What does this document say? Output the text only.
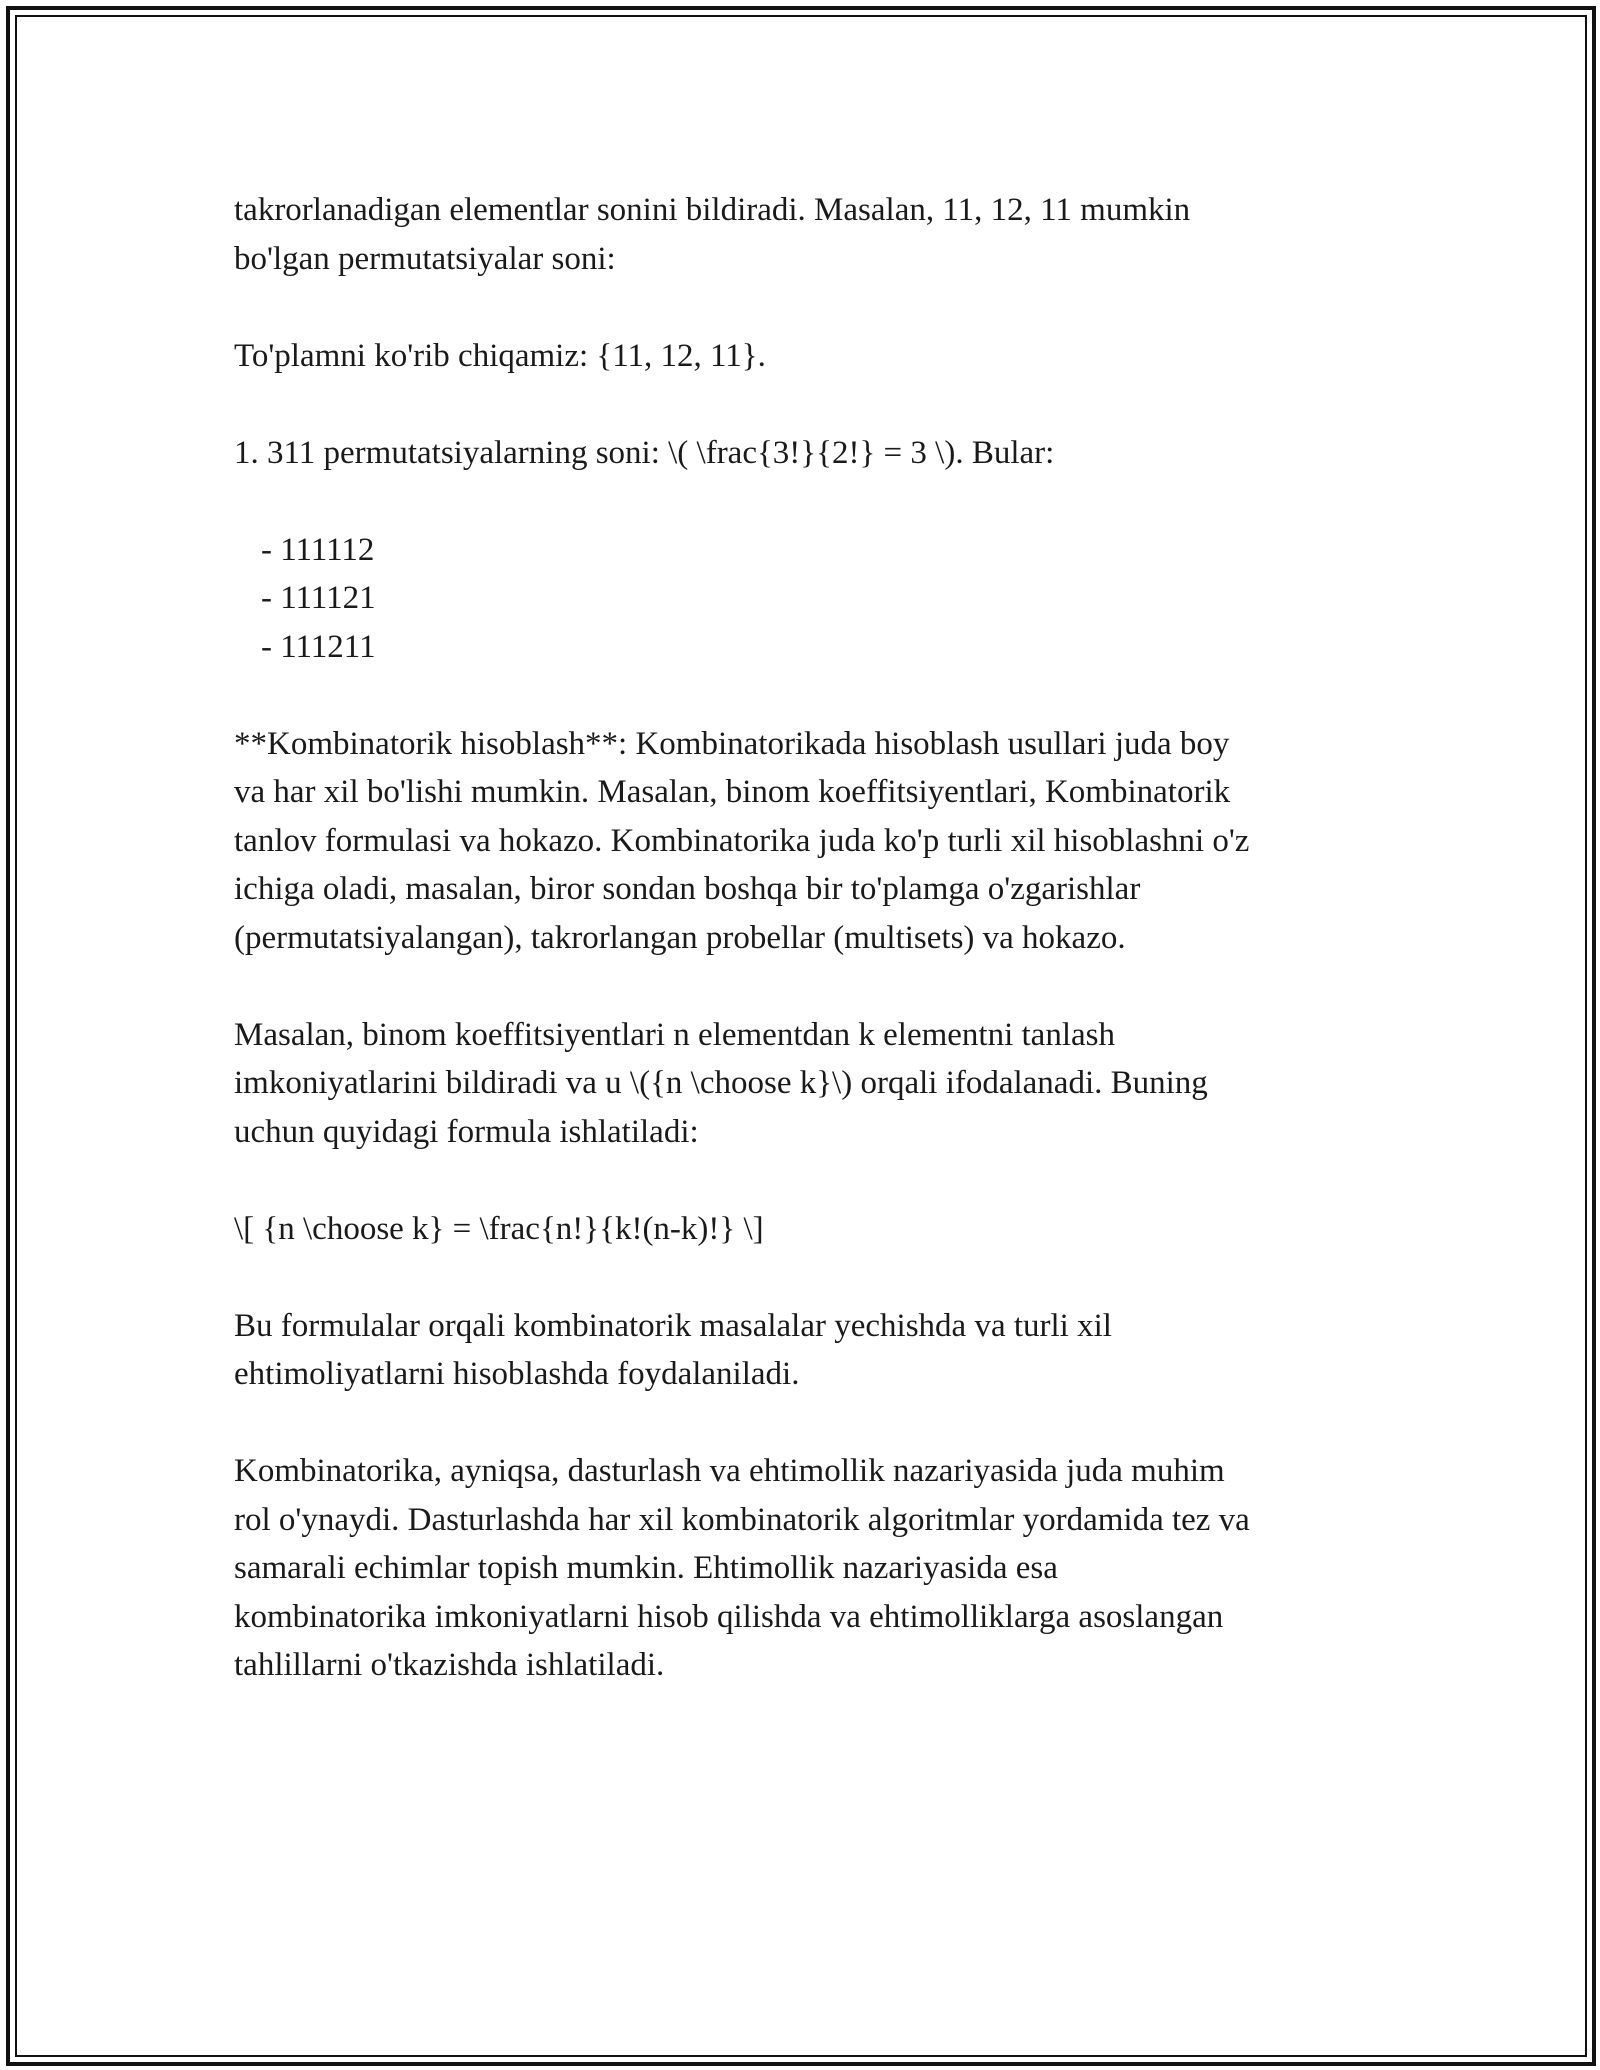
takrorlanadigan elementlar sonini bildiradi. Masalan, 11, 12, 11 mumkin

bo'lgan permutatsiyalar soni:

To'plamni ko'rib chiqamiz: {11, 12, 11}.

1. 311 permutatsiyalarning soni: \( \frac{3!}{2!} = 3 \). Bular:

- 111112
- 111121
- 111211

**Kombinatorik hisoblash**: Kombinatorikada hisoblash usullari juda boy

va har xil bo'lishi mumkin. Masalan, binom koeffitsiyentlari, Kombinatorik

tanlov formulasi va hokazo. Kombinatorika juda ko'p turli xil hisoblashni o'z

ichiga oladi, masalan, biror sondan boshqa bir to'plamga o'zgarishlar

(permutatsiyalangan), takrorlangan probellar (multisets) va hokazo.

Masalan, binom koeffitsiyentlari n elementdan k elementni tanlash

imkoniyatlarini bildiradi va u \({n \choose k}\) orqali ifodalanadi. Buning

uchun quyidagi formula ishlatiladi:

\[ {n \choose k} = \frac{n!}{k!(n-k)!} \]

Bu formulalar orqali kombinatorik masalalar yechishda va turli xil

ehtimoliyatlarni hisoblashda foydalaniladi.

Kombinatorika, ayniqsa, dasturlash va ehtimollik nazariyasida juda muhim

rol o'ynaydi. Dasturlashda har xil kombinatorik algoritmlar yordamida tez va

samarali echimlar topish mumkin. Ehtimollik nazariyasida esa

kombinatorika imkoniyatlarni hisob qilishda va ehtimolliklarga asoslangan

tahlillarni o'tkazishda ishlatiladi.
